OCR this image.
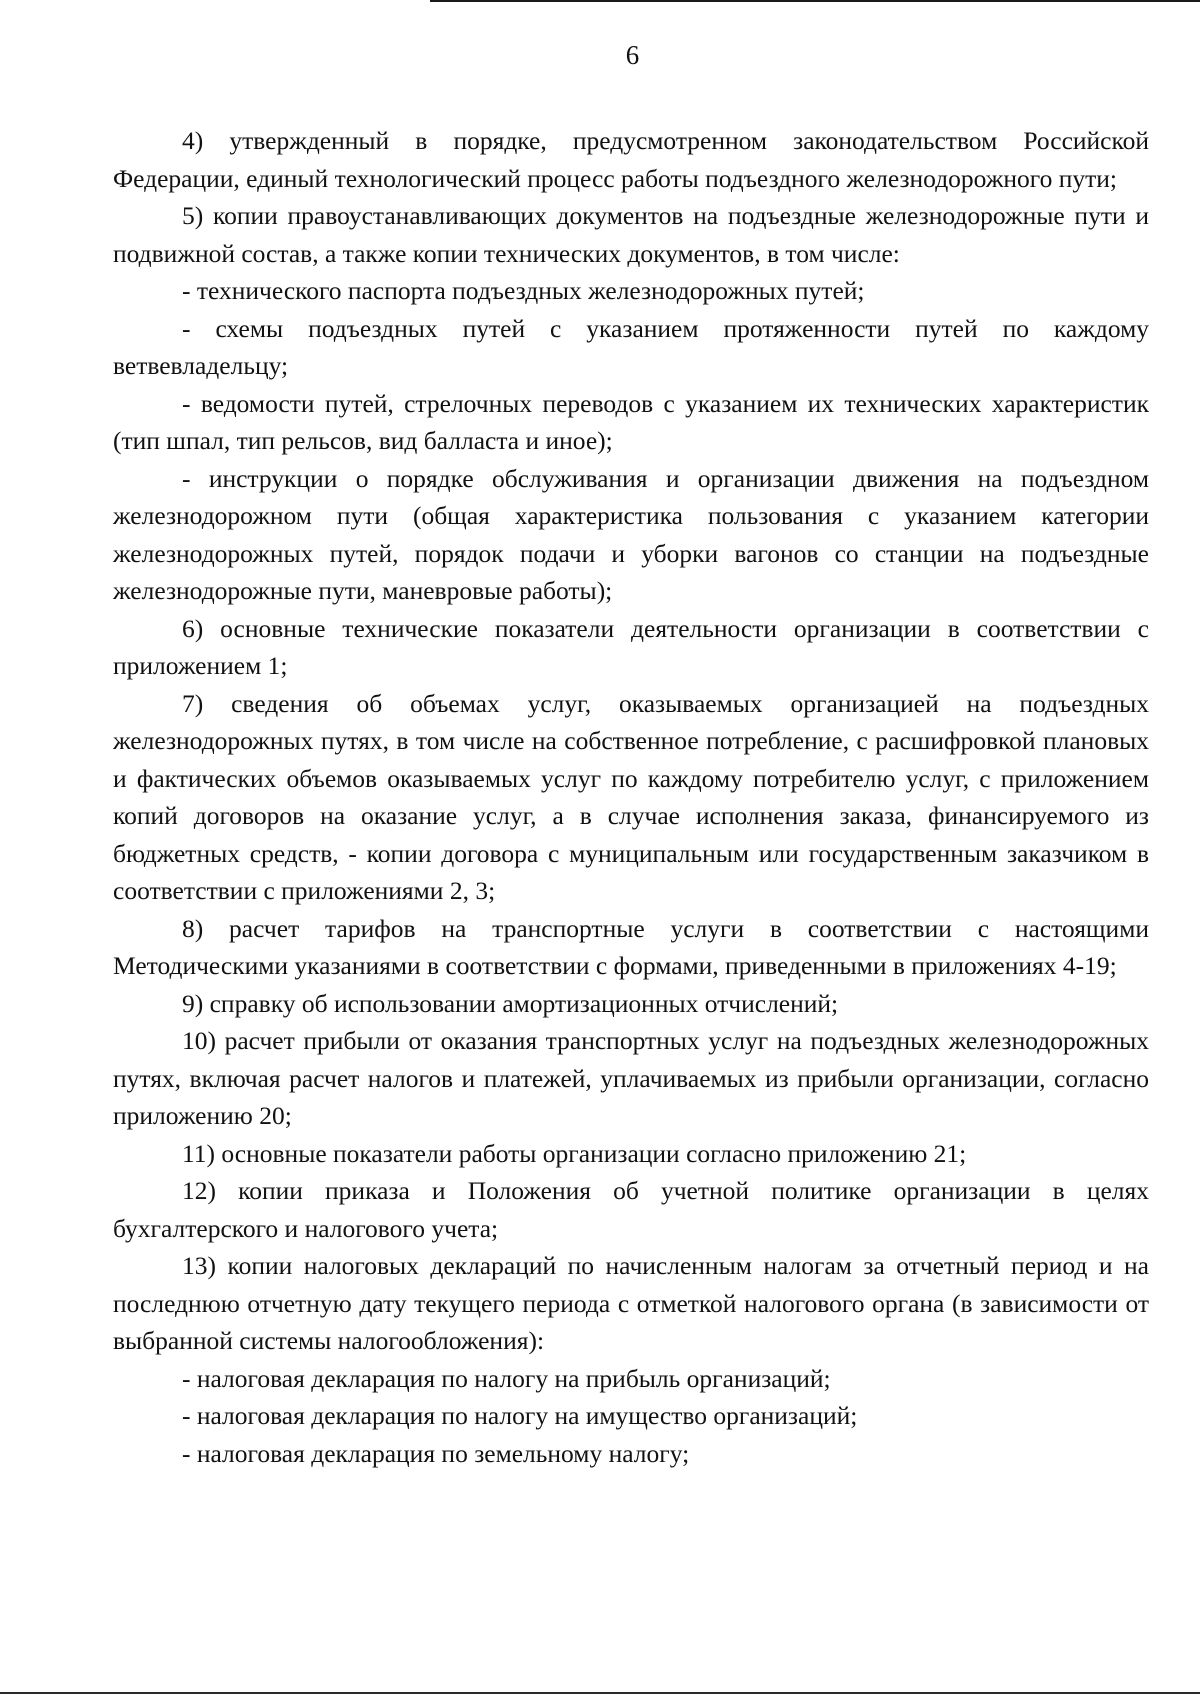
6

4) утвержденный в порядке, предусмотренном законодательством Российской Федерации, единый технологический процесс работы подъездного железнодорожного пути;

5) копии правоустанавливающих документов на подъездные железнодорожные пути и подвижной состав, а также копии технических документов, в том числе:

- технического паспорта подъездных железнодорожных путей;

- схемы подъездных путей с указанием протяженности путей по каждому ветвевладельцу;

- ведомости путей, стрелочных переводов с указанием их технических характеристик (тип шпал, тип рельсов, вид балласта и иное);

- инструкции о порядке обслуживания и организации движения на подъездном железнодорожном пути (общая характеристика пользования с указанием категории железнодорожных путей, порядок подачи и уборки вагонов со станции на подъездные железнодорожные пути, маневровые работы);

6) основные технические показатели деятельности организации в соответствии с приложением 1;

7) сведения об объемах услуг, оказываемых организацией на подъездных железнодорожных путях, в том числе на собственное потребление, с расшифровкой плановых и фактических объемов оказываемых услуг по каждому потребителю услуг, с приложением копий договоров на оказание услуг, а в случае исполнения заказа, финансируемого из бюджетных средств, - копии договора с муниципальным или государственным заказчиком в соответствии с приложениями 2, 3;

8) расчет тарифов на транспортные услуги в соответствии с настоящими Методическими указаниями в соответствии с формами, приведенными в приложениях 4-19;

9) справку об использовании амортизационных отчислений;

10) расчет прибыли от оказания транспортных услуг на подъездных железнодорожных путях, включая расчет налогов и платежей, уплачиваемых из прибыли организации, согласно приложению 20;

11) основные показатели работы организации согласно приложению 21;

12) копии приказа и Положения об учетной политике организации в целях бухгалтерского и налогового учета;

13) копии налоговых деклараций по начисленным налогам за отчетный период и на последнюю отчетную дату текущего периода с отметкой налогового органа (в зависимости от выбранной системы налогообложения):

- налоговая декларация по налогу на прибыль организаций;

- налоговая декларация по налогу на имущество организаций;

- налоговая декларация по земельному налогу;
